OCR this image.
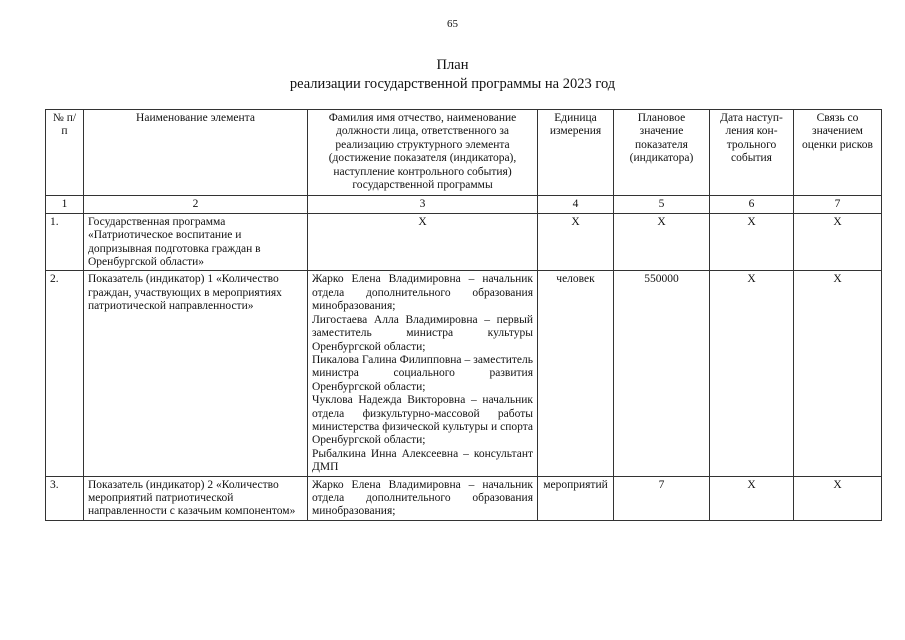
65
План
реализации государственной программы на 2023 год
№ п/п	Наименование элемента	Фамилия имя отчество, наименование должности лица, ответственного за реализацию структурного элемента (достижение показателя (индикатора), наступление контрольного события) государственной программы	Единица измерения	Плановое значение показателя (индикатора)	Дата наступ- ления кон- трольного события	Связь со значением оценки рисков
1	2	3	4	5	6	7
1.	Государственная программа «Патриотическое воспитание и допризывная подготовка граждан в Оренбургской области»	X	X	X	X	X
2.	Показатель (индикатор) 1 «Количество граждан, участвующих в мероприятиях патриотической направленности»	Жарко Елена Владимировна – начальник отдела дополнительного образования минобразования;
Лигостаева Алла Владимировна – первый заместитель министра культуры Оренбургской области;
Пикалова Галина Филипповна – заместитель министра социального развития Оренбургской области;
Чуклова Надежда Викторовна – начальник отдела физкультурно-массовой работы министерства физической культуры и спорта Оренбургской области;
Рыбалкина Инна Алексеевна – консультант ДМП	человек	550000	X	X
3.	Показатель (индикатор) 2 «Количество мероприятий патриотической направленности с казачьим компонентом»	Жарко Елена Владимировна – начальник отдела дополнительного образования минобразования;	мероприятий	7	X	X
